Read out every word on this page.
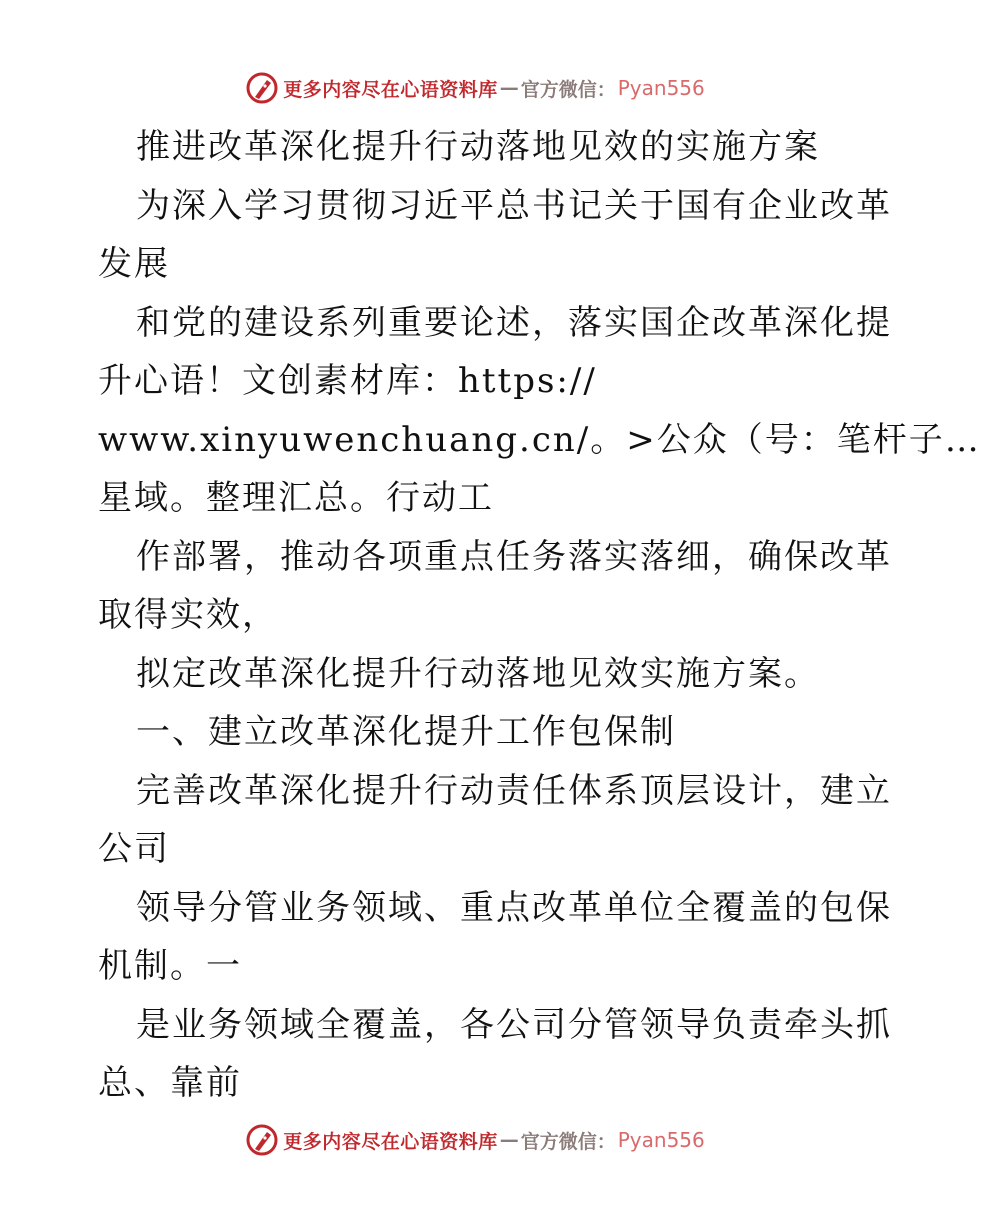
更多内容尽在心语资料库 — 官方微信： Pyan556
推进改革深化提升行动落地见效的实施方案
为深入学习贯彻习近平总书记关于国有企业改革
发展
和党的建设系列重要论述，落实国企改革深化提
升心语！文创素材库：https://
www.xinyuwenchuang.cn/。>公众（号：笔杆子…
星域。整理汇总。行动工
作部署，推动各项重点任务落实落细，确保改革
取得实效，
拟定改革深化提升行动落地见效实施方案。
一、建立改革深化提升工作包保制
完善改革深化提升行动责任体系顶层设计，建立
公司
领导分管业务领域、重点改革单位全覆盖的包保
机制。一
是业务领域全覆盖，各公司分管领导负责牵头抓
总、靠前
更多内容尽在心语资料库 — 官方微信： Pyan556
